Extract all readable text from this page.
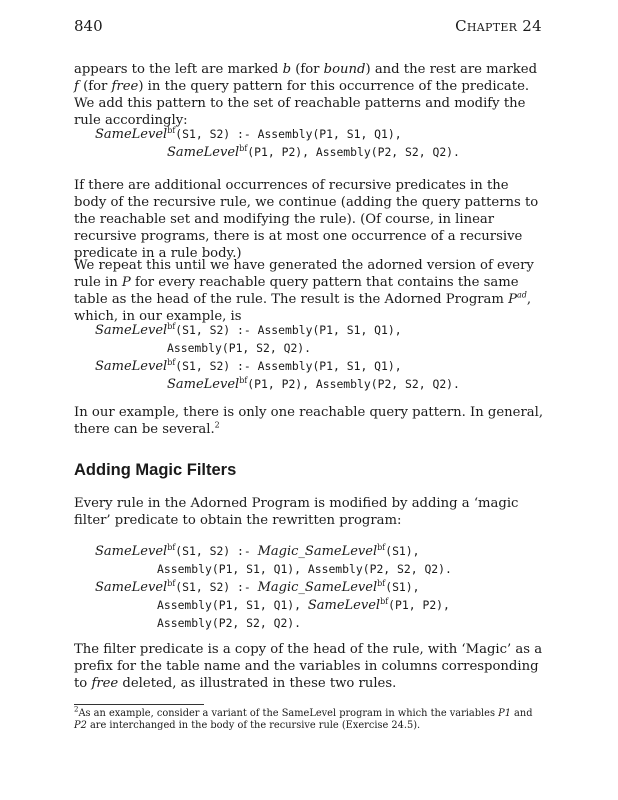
840	Chapter 24

appears to the left are marked b (for bound) and the rest are marked f (for free) in the query pattern for this occurrence of the predicate. We add this pattern to the set of reachable patterns and modify the rule accordingly:

SameLevel$^{bf}$(S1, S2) :- Assembly(P1, S1, Q1),
SameLevel$^{bf}$(P1, P2), Assembly(P2, S2, Q2).

If there are additional occurrences of recursive predicates in the body of the recursive rule, we continue (adding the query patterns to the reachable set and modifying the rule). (Of course, in linear recursive programs, there is at most one occurrence of a recursive predicate in a rule body.)

We repeat this until we have generated the adorned version of every rule in P for every reachable query pattern that contains the same table as the head of the rule. The result is the Adorned Program $P^{ad}$, which, in our example, is

SameLevel$^{bf}$(S1, S2) :- Assembly(P1, S1, Q1),
Assembly(P1, S2, Q2).
SameLevel$^{bf}$(S1, S2) :- Assembly(P1, S1, Q1),
SameLevel$^{bf}$(P1, P2), Assembly(P2, S2, Q2).

In our example, there is only one reachable query pattern. In general, there can be several.$^2$

Adding Magic Filters

Every rule in the Adorned Program is modified by adding a ‘magic filter’ predicate to obtain the rewritten program:

SameLevel$^{bf}$(S1, S2) :- Magic_SameLevel$^{bf}$(S1),
Assembly(P1, S1, Q1), Assembly(P2, S2, Q2).
SameLevel$^{bf}$(S1, S2) :- Magic_SameLevel$^{bf}$(S1),
Assembly(P1, S1, Q1), SameLevel$^{bf}$(P1, P2),
Assembly(P2, S2, Q2).

The filter predicate is a copy of the head of the rule, with ‘Magic’ as a prefix for the table name and the variables in columns corresponding to free deleted, as illustrated in these two rules.

$^2$As an example, consider a variant of the SameLevel program in which the variables P1 and P2 are interchanged in the body of the recursive rule (Exercise 24.5).
